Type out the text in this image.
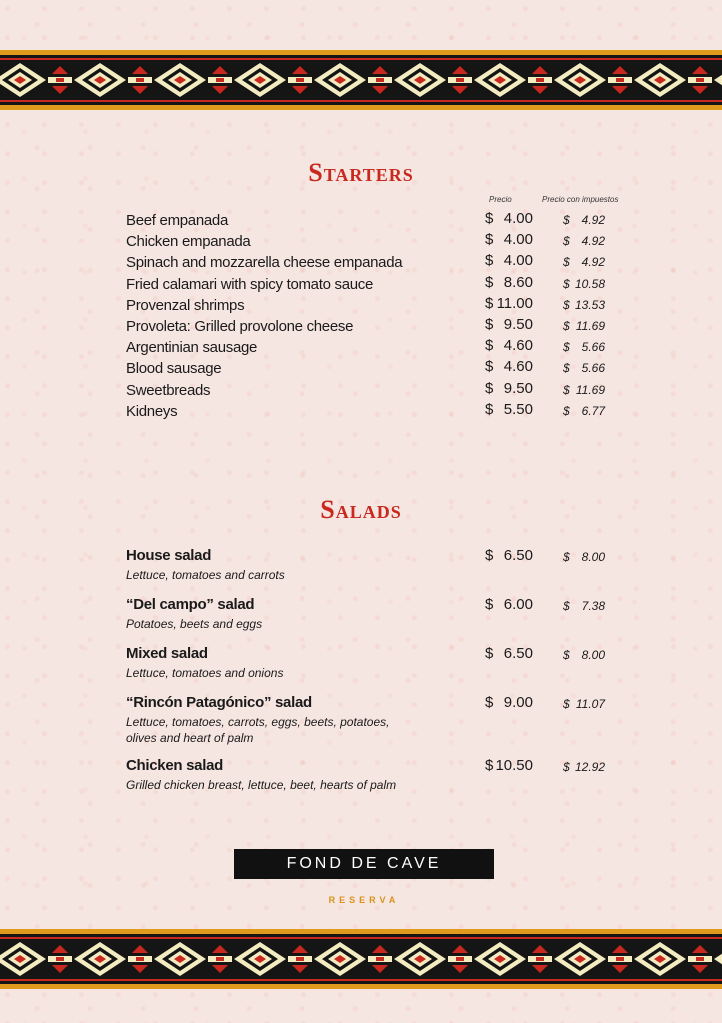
Starters
Precio	Precio con impuestos
Beef empanada	$ 4.00	$ 4.92
Chicken empanada	$ 4.00	$ 4.92
Spinach and mozzarella cheese empanada	$ 4.00	$ 4.92
Fried calamari with spicy tomato sauce	$ 8.60	$ 10.58
Provenzal shrimps	$ 11.00	$ 13.53
Provoleta: Grilled provolone cheese	$ 9.50	$ 11.69
Argentinian sausage	$ 4.60	$ 5.66
Blood sausage	$ 4.60	$ 5.66
Sweetbreads	$ 9.50	$ 11.69
Kidneys	$ 5.50	$ 6.77
Salads
House salad
Lettuce, tomatoes and carrots
$ 6.50	$ 8.00
“Del campo” salad
Potatoes, beets and eggs
$ 6.00	$ 7.38
Mixed salad
Lettuce, tomatoes and onions
$ 6.50	$ 8.00
“Rincón Patagónico” salad
Lettuce, tomatoes, carrots, eggs, beets, potatoes, olives and heart of palm
$ 9.00	$ 11.07
Chicken salad
Grilled chicken breast, lettuce, beet, hearts of palm
$ 10.50	$ 12.92
FOND DE CAVE
RESERVA
